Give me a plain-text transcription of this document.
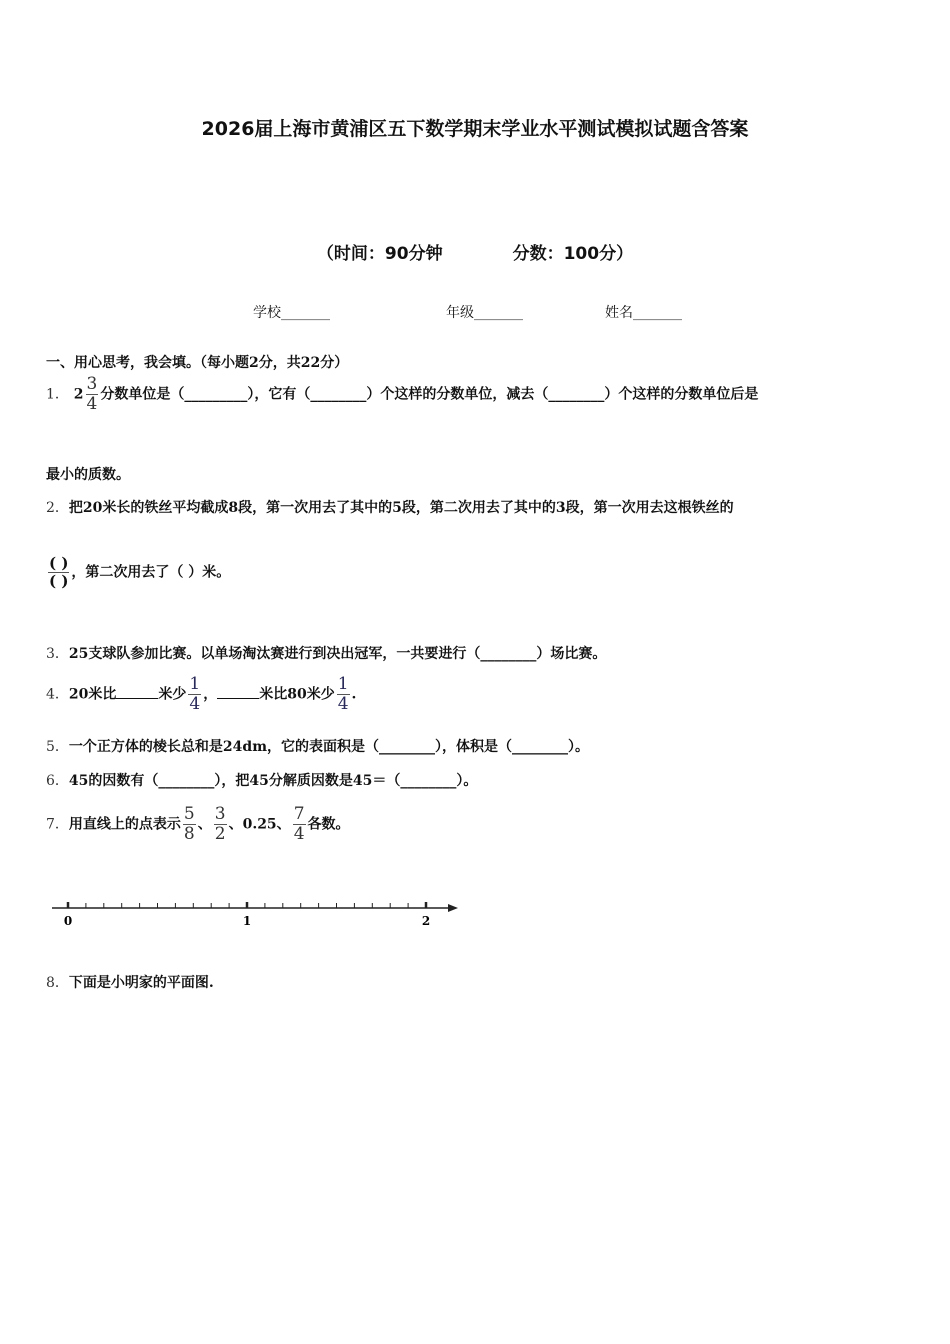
2026届上海市黄浦区五下数学期末学业水平测试模拟试题含答案
（时间：90分钟	分数：100分）
学校_______	年级_______	姓名_______
一、用心思考，我会填。（每小题2分，共22分）
1． $2 \frac{3}{4}$ 分数单位是（_________），它有（________）个这样的分数单位，减去（________）个这样的分数单位后是
最小的质数。
2．把20米长的铁丝平均截成8段，第一次用去了其中的5段，第二次用去了其中的3段，第一次用去这根铁丝的
$\frac{( )}{( )}$ ，第二次用去了（ ）米。
3．25支球队参加比赛。以单场淘汰赛进行到决出冠军，一共要进行（________）场比赛。
4．20米比	米少 $\frac{1}{4}$ ，	米比80米少 $\frac{1}{4}$ .
5．一个正方体的棱长总和是24dm，它的表面积是（________），体积是（________）。
6．45的因数有（________），把45分解质因数是45＝（________）。
7．用直线上的点表示 $\frac{5}{8}$ 、 $\frac{3}{2}$ 、0.25、 $\frac{7}{4}$ 各数。
0	1	2
8．下面是小明家的平面图.
